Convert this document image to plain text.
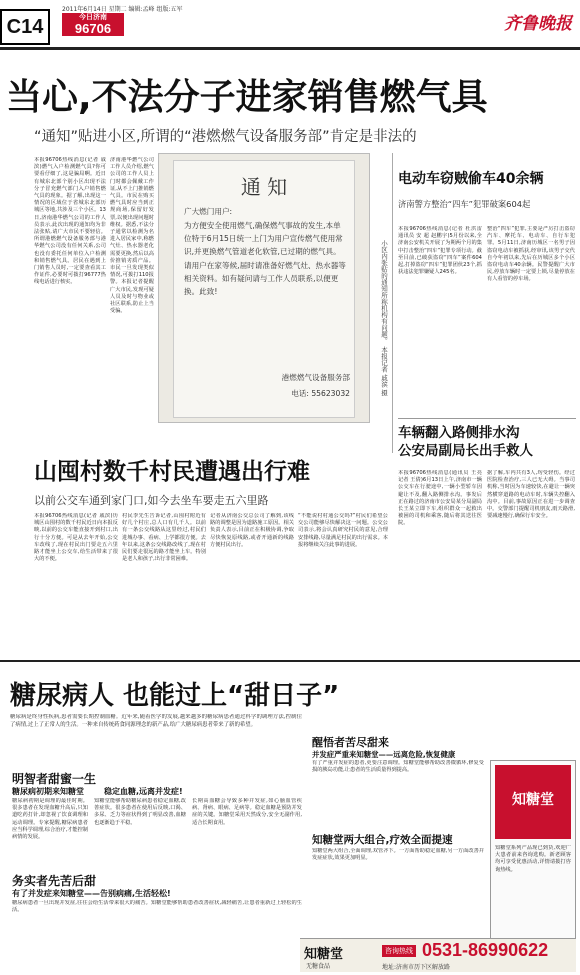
C14
2011年6月14日 星期二 编辑:孟峰 组版:五军
今日济南
96706	齐鲁晚报
当心,不法分子进家销售燃气具
“通知”贴进小区,所谓的“港燃燃气设备服务部”肯定是非法的
本报96706热线消息(记者 戚滨)燃气入户检测燃气具?你可要看仔细了,这是骗局啊。近日有城东北部个别小区出现不法分子冒充燃气部门入户销售燃气具的现象。据了解,出现这一情况的区域位于省城东北部历城区等地,共涉及三个小区。13日,济南港华燃气公司的工作人员表示,此次出现的通知均为非法张贴,请广大市民不要轻信。所谓港燃燃气设备服务部与港华燃气公司没有任何关系,公司也没有委托任何单位入户检测和销售燃气具。居民在遇到上门销售人员时,一定要查看其工作证件,必要时可拨打96777热线电话进行核实。
济南港华燃气公司工作人员介绍,燃气公司的工作人员上门时都会佩戴工作证,从不上门推销燃气具。市民在购买燃气具时应当到正规商场,保留好发票,以便出现问题时维权。据悉,不法分子通常以检测为名进入居民家中,称燃气灶、热水器老化需要更换,然后以高价推销劣质产品。市民一旦发现类似情况,可拨打110报警。本报记者提醒广大市民,发现可疑人员及时与物业或社区联系,防止上当受骗。
通 知
广大燃门用户:
为方便安全使用燃气,确保燃气事故的发生,本单位特于6月15日统一上门为用户宣传燃气使用常识,并更换燃气管道老化软管,已过期的燃气具。请用户在家等候,届时请准备好燃气灶、热水器等相关资料。如有疑问请与工作人员联系,以便更换。此致!
港燃燃气设备服务部
电话: 55623032	小区内张贴的通知所称机构有问题。 本报记者 戚滨 摄
电动车窃贼偷车40余辆
济南警方整治“四车”犯罪破案604起
本报96706热线消息(记者 杜洪雷 通讯员 安 超 赵鹏宇)5月份以来,全济南公安机关开展了为期两个月的集中打击整治“四车”犯罪专项行动。截至目前,已破获盗窃“四车”案件604起,打掉盗窃“四车”犯罪团伙23个,抓获违法犯罪嫌疑人245名。
整治“四车”犯罪,主要是严厉打击盗窃汽车、摩托车、电动车、自行车犯罪。5月11日,济南历城区一名男子因盗窃电动车被抓获,经审讯,该男子交代自今年初以来,先后在历城区多个小区盗窃电动车40余辆。民警提醒广大市民,停放车辆时一定要上锁,尽量停放在有人看管的停车场。
车辆翻入路侧排水沟
公安局副局长出手救人
本报96706热线消息(通讯员 王亮 记者 王倩)6月13日上午,济南市一辆公交车在行驶途中,一辆小型轿车因避让不及,翻入路侧排水沟。事发后正在路过的济南市公安局某分局副局长王某立即下车,组织群众一起救出被困的司机和乘客,随后将其送往医院。
据了解,车内共有3人,均受轻伤。经过医院检查治疗,三人已无大碍。当事司机称,当时因为车速较快,在避让一辆突然横穿道路的电动车时,车辆失控翻入沟中。目前,事故原因正在进一步调查中。交警部门提醒司机朋友,雨天路滑,要减速慢行,确保行车安全。
山囤村数千村民遭遇出行难
以前公交车通到家门口,如今去坐车要走五六里路
本报96706热线消息(记者 戚滨)历城区山囤村的数千村民近日向本报反映,以前的公交车能直接开到村口,出行十分方便。可是从去年开始,公交车改线了,现在村民出门要走五六里路才能坐上公交车,给生活带来了很大的不便。
村民李先生告诉记者,山囤村附近有好几个村庄,总人口有几千人。以前有一条公交线路从这里经过,村民们进城办事、看病、上学都很方便。去年以来,这条公交线路改线了,现在村民们要走很远的路才能坐上车。特别是老人和孩子,出行非常困难。
记者从济南公交总公司了解到,该线路的调整是因为道路施工原因。相关负责人表示,目前正在积极协调,争取尽快恢复原线路,或者开通新的线路方便村民出行。
“不能说村村通公交吗?”村民们希望公交公司能够尽快解决这一问题。公交公司表示,将会认真研究村民的意见,合理安排线路,尽量满足村民的出行需求。本报将继续关注此事的进展。
糖尿病人 也能过上“甜日子”
糖尿病是终身性疾病,患者需要长期控制血糖。近年来,随着医学的发展,越来越多的糖尿病患者通过科学的调理方法,控制住了病情,过上了正常人的生活。一种来自传统药食同源理念的新产品,给广大糖尿病患者带来了新的希望。
明智者甜蜜一生
糖尿病初期来知糖堂
糖尿病初期是调理的最佳时期。很多患者在发现血糖升高后,只知道吃药打针,却忽视了饮食调理和运动调理。专家提醒,糖尿病患者应当科学调理,综合治疗,才能控制病情的发展。
稳定血糖,远离并发症!
知糖堂能够帮助糖尿病患者稳定血糖,改善症状。很多患者在使用后反映,口渴、多尿、乏力等症状得到了明显改善,血糖也逐渐趋于平稳。
长期高血糖会导致多种并发症,如心脑血管疾病、肾病、眼病、足病等。稳定血糖是预防并发症的关键。知糖堂采用天然成分,安全无副作用,适合长期食用。
务实者先苦后甜
有了并发症来知糖堂——告别病痛,生活轻松!
糖尿病患者一旦出现并发症,往往会给生活带来很大的痛苦。知糖堂能够帮助患者改善症状,减轻痛苦,让患者重新过上轻松的生活。
醒悟者苦尽甜来
并发症严重来知糖堂——远离危险,恢复健康
有了严重并发症的患者,更要注意调理。知糖堂能够帮助改善微循环,修复受损的胰岛功能,让患者的生活质量得到提高。
知糖堂两大组合,疗效全面提速
知糖堂两大组合,全面调理,双管齐下。一方面帮助稳定血糖,另一方面改善并发症症状,效果更加明显。
知糖堂
知糖堂系列产品现已到货,欢迎广大患者前来咨询选购。新老顾客均可享受优惠活动,详情请拨打咨询热线。
知糖堂
无糖食品
咨询热线 0531-86990622
地址:济南市历下区解放路
